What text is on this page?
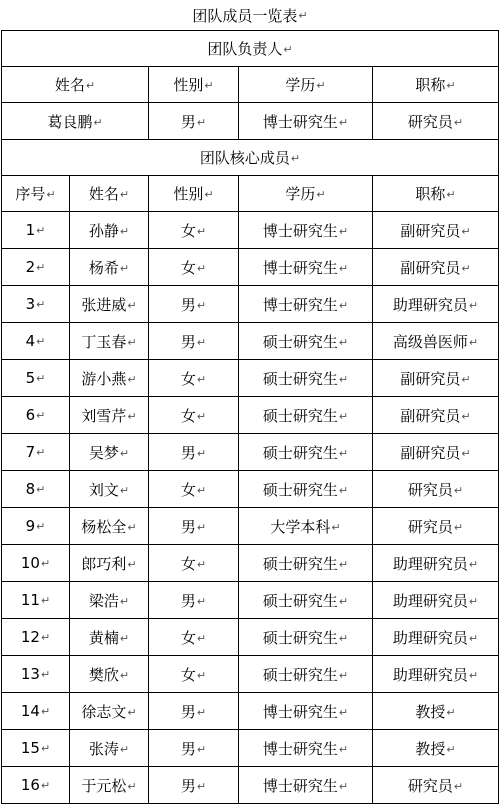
团队成员一览表 ↵
团队负责人↵				
姓名↵		性别↵	学历↵	职称↵
葛良鹏↵		男↵	博士研究生↵	研究员↵
团队核心成员↵				
序号↵	姓名↵	性别↵	学历↵	职称↵
1↵	孙静↵	女↵	博士研究生↵	副研究员↵
2↵	杨希↵	女↵	博士研究生↵	副研究员↵
3↵	张进威↵	男↵	博士研究生↵	助理研究员↵
4↵	丁玉春↵	男↵	硕士研究生↵	高级兽医师↵
5↵	游小燕↵	女↵	硕士研究生↵	副研究员↵
6↵	刘雪芹↵	女↵	硕士研究生↵	副研究员↵
7↵	吴梦↵	男↵	硕士研究生↵	副研究员↵
8↵	刘文↵	女↵	硕士研究生↵	研究员↵
9↵	杨松全↵	男↵	大学本科↵	研究员↵
10↵	郎巧利↵	女↵	硕士研究生↵	助理研究员↵
11↵	梁浩↵	男↵	硕士研究生↵	助理研究员↵
12↵	黄楠↵	女↵	硕士研究生↵	助理研究员↵
13↵	樊欣↵	女↵	硕士研究生↵	助理研究员↵
14↵	徐志文↵	男↵	博士研究生↵	教授↵
15↵	张涛↵	男↵	博士研究生↵	教授↵
16↵	于元松↵	男↵	博士研究生↵	研究员↵
